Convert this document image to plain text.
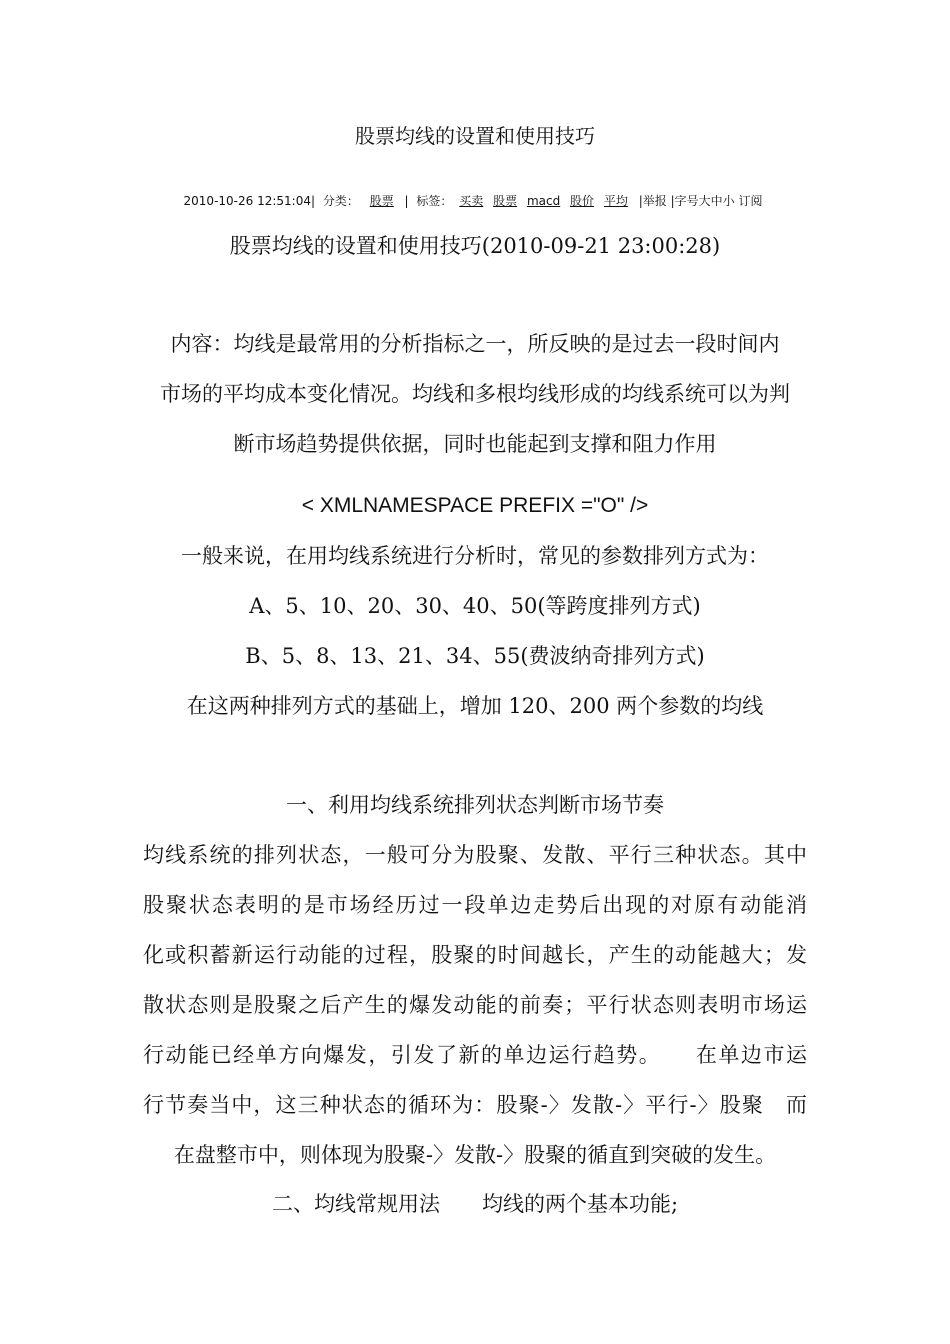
股票均线的设置和使用技巧
2010-10-26 12:51:04| 分类： 股票 | 标签： 买卖 股票 macd 股价 平均 |举报 |字号大中小 订阅
股票均线的设置和使用技巧(2010-09-21 23:00:28)
内容：均线是最常用的分析指标之一，所反映的是过去一段时间内
市场的平均成本变化情况。均线和多根均线形成的均线系统可以为判
断市场趋势提供依据，同时也能起到支撑和阻力作用
< XMLNAMESPACE PREFIX ="O" />
一般来说，在用均线系统进行分析时，常见的参数排列方式为：
A、5、10、20、30、40、50(等跨度排列方式)
B、5、8、13、21、34、55(费波纳奇排列方式)
在这两种排列方式的基础上，增加 120、200 两个参数的均线
一、利用均线系统排列状态判断市场节奏
均线系统的排列状态，一般可分为股聚、发散、平行三种状态。其中
股聚状态表明的是市场经历过一段单边走势后出现的对原有动能消
化或积蓄新运行动能的过程，股聚的时间越长，产生的动能越大；发
散状态则是股聚之后产生的爆发动能的前奏；平行状态则表明市场运
行动能已经单方向爆发，引发了新的单边运行趋势。　　在单边市运
行节奏当中，这三种状态的循环为：股聚-〉发散-〉平行-〉股聚　而
在盘整市中，则体现为股聚-〉发散-〉股聚的循直到突破的发生。
二、均线常规用法　　均线的两个基本功能;
